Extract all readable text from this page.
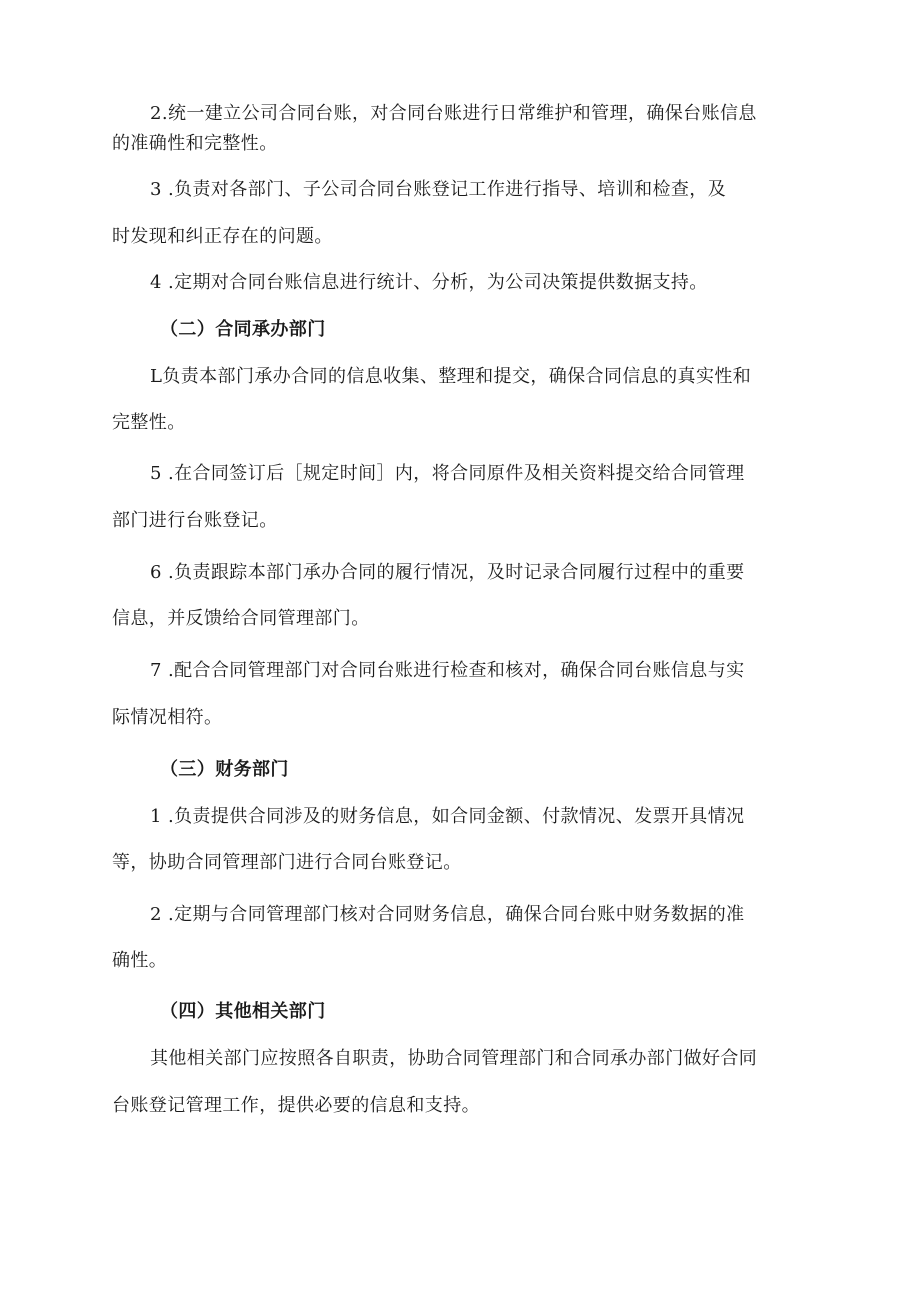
2.统一建立公司合同台账，对合同台账进行日常维护和管理，确保台账信息
的准确性和完整性。
3 .负责对各部门、子公司合同台账登记工作进行指导、培训和检查，及
时发现和纠正存在的问题。
4 .定期对合同台账信息进行统计、分析，为公司决策提供数据支持。
（二）合同承办部门
L负责本部门承办合同的信息收集、整理和提交，确保合同信息的真实性和
完整性。
5 .在合同签订后［规定时间］内，将合同原件及相关资料提交给合同管理
部门进行台账登记。
6 .负责跟踪本部门承办合同的履行情况，及时记录合同履行过程中的重要
信息，并反馈给合同管理部门。
7 .配合合同管理部门对合同台账进行检查和核对，确保合同台账信息与实
际情况相符。
（三）财务部门
1 .负责提供合同涉及的财务信息，如合同金额、付款情况、发票开具情况
等，协助合同管理部门进行合同台账登记。
2 .定期与合同管理部门核对合同财务信息，确保合同台账中财务数据的准
确性。
（四）其他相关部门
其他相关部门应按照各自职责，协助合同管理部门和合同承办部门做好合同
台账登记管理工作，提供必要的信息和支持。
